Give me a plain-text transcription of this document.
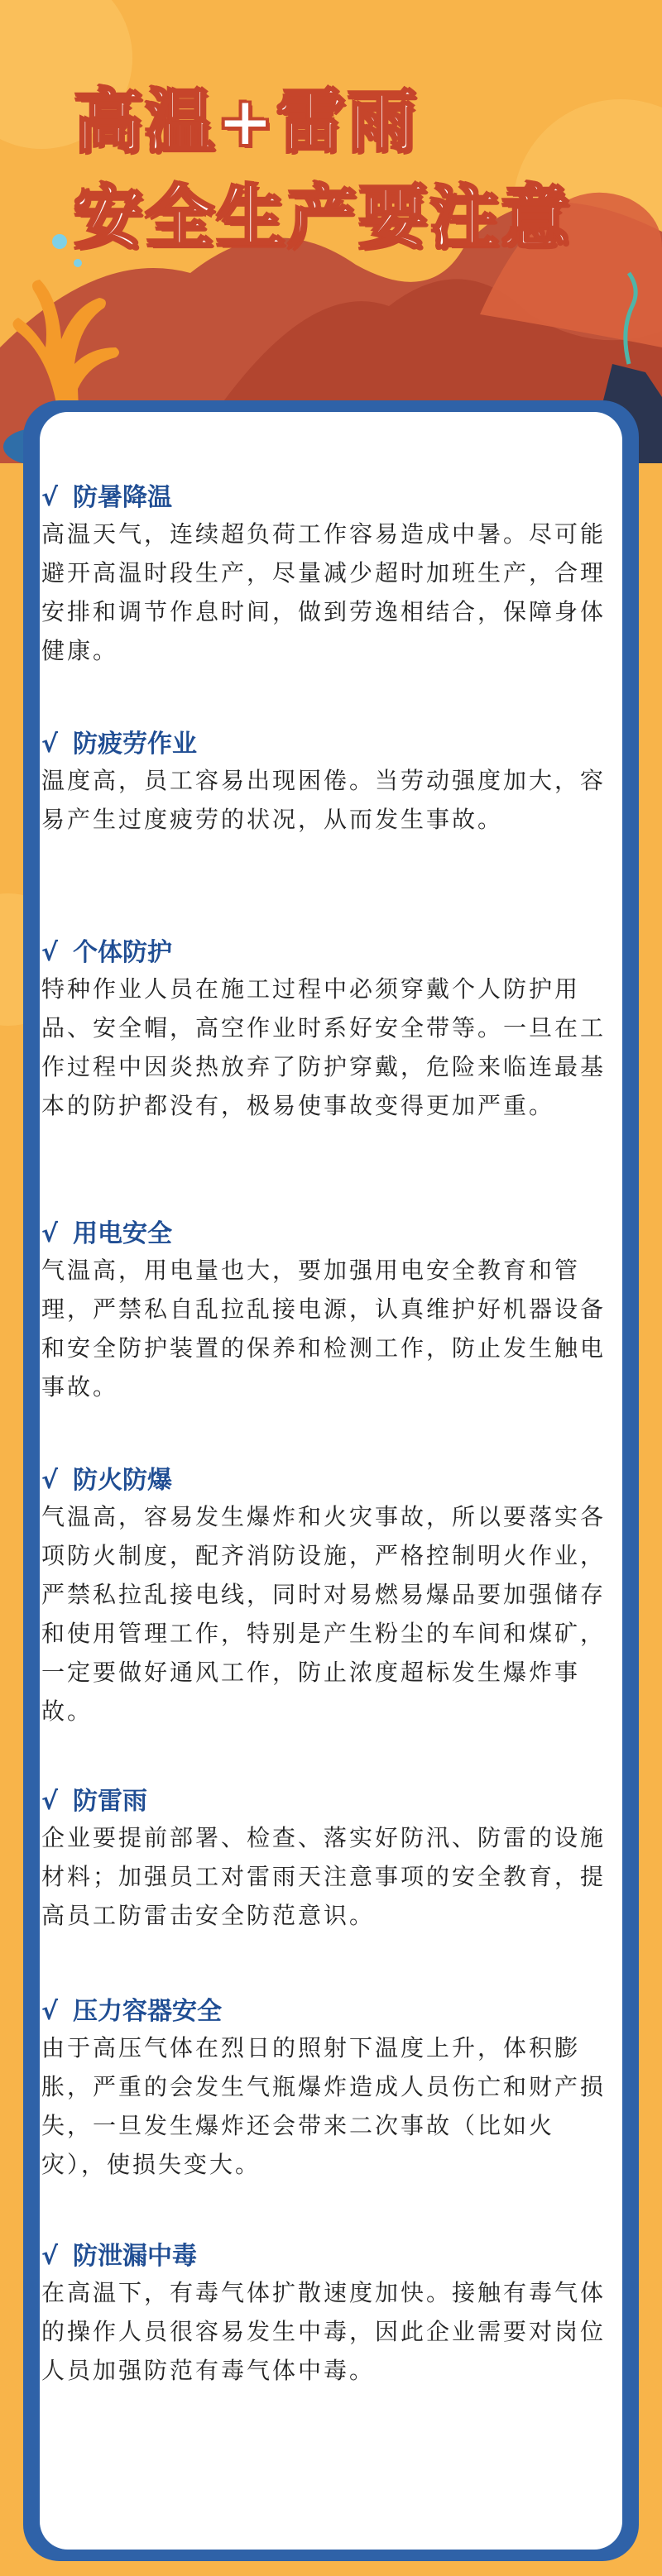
高温+雷雨
安全生产要注意
√ 防暑降温
高温天气，连续超负荷工作容易造成中暑。尽可能避开高温时段生产，尽量减少超时加班生产，合理安排和调节作息时间，做到劳逸相结合，保障身体健康。
√ 防疲劳作业
温度高，员工容易出现困倦。当劳动强度加大，容易产生过度疲劳的状况，从而发生事故。
√ 个体防护
特种作业人员在施工过程中必须穿戴个人防护用品、安全帽，高空作业时系好安全带等。一旦在工作过程中因炎热放弃了防护穿戴，危险来临连最基本的防护都没有，极易使事故变得更加严重。
√ 用电安全
气温高，用电量也大，要加强用电安全教育和管理，严禁私自乱拉乱接电源，认真维护好机器设备和安全防护装置的保养和检测工作，防止发生触电事故。
√ 防火防爆
气温高，容易发生爆炸和火灾事故，所以要落实各项防火制度，配齐消防设施，严格控制明火作业，严禁私拉乱接电线，同时对易燃易爆品要加强储存和使用管理工作，特别是产生粉尘的车间和煤矿，一定要做好通风工作，防止浓度超标发生爆炸事故。
√ 防雷雨
企业要提前部署、检查、落实好防汛、防雷的设施材料；加强员工对雷雨天注意事项的安全教育，提高员工防雷击安全防范意识。
√ 压力容器安全
由于高压气体在烈日的照射下温度上升，体积膨胀，严重的会发生气瓶爆炸造成人员伤亡和财产损失，一旦发生爆炸还会带来二次事故（比如火灾），使损失变大。
√ 防泄漏中毒
在高温下，有毒气体扩散速度加快。接触有毒气体的操作人员很容易发生中毒，因此企业需要对岗位人员加强防范有毒气体中毒。
